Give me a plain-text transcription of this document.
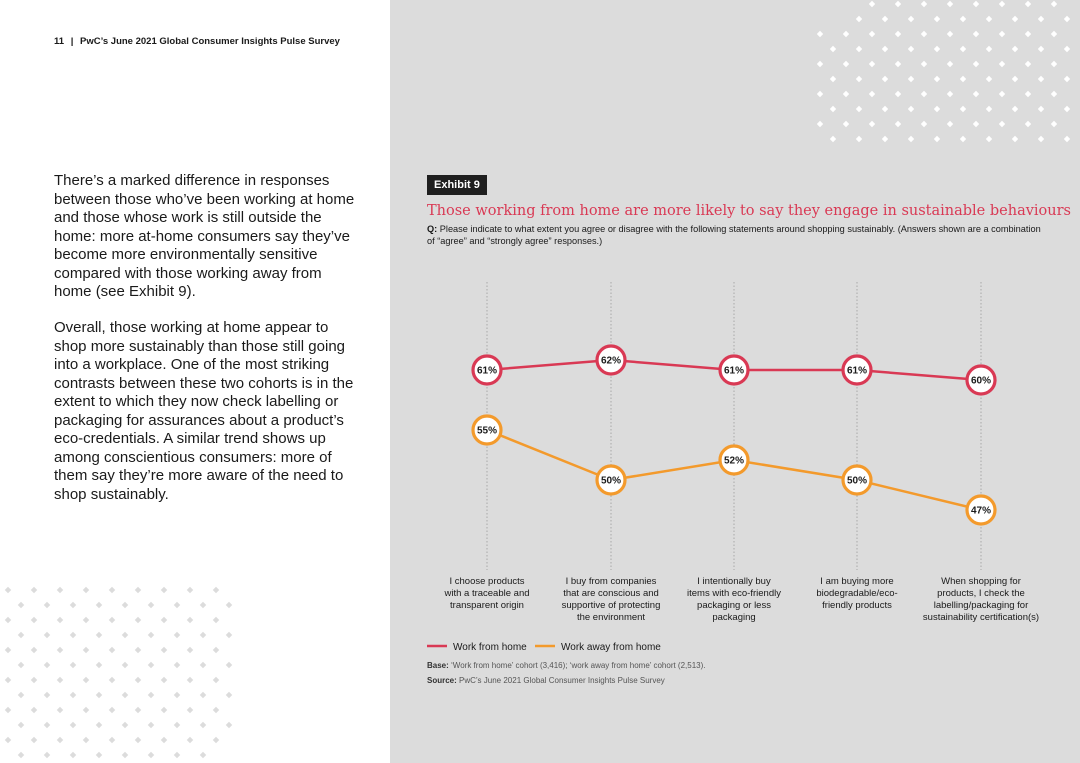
11 | PwC’s June 2021 Global Consumer Insights Pulse Survey

There’s a marked difference in responses between those who’ve been working at home and those whose work is still outside the home: more at-home consumers say they’ve become more environmentally sensitive compared with those working away from home (see Exhibit 9).

Overall, those working at home appear to shop more sustainably than those still going into a workplace. One of the most striking contrasts between these two cohorts is in the extent to which they now check labelling or packaging for assurances about a product’s eco-credentials. A similar trend shows up among conscientious consumers: more of them say they’re more aware of the need to shop sustainably.

Exhibit 9
Those working from home are more likely to say they engage in sustainable behaviours
Q: Please indicate to what extent you agree or disagree with the following statements around shopping sustainably. (Answers shown are a combination of “agree” and “strongly agree” responses.)
61%
62%
61%	61%
60%
55%
50%
52%
50%
47%
I choose products with a traceable and transparent origin
I buy from companies that are conscious and supportive of protecting the environment
I intentionally buy items with eco-friendly packaging or less packaging
I am buying more biodegradable/eco-friendly products
When shopping for products, I check the labelling/packaging for sustainability certification(s)
Work from home	Work away from home
Base: ‘Work from home’ cohort (3,416); ‘work away from home’ cohort (2,513).
Source: PwC’s June 2021 Global Consumer Insights Pulse Survey
